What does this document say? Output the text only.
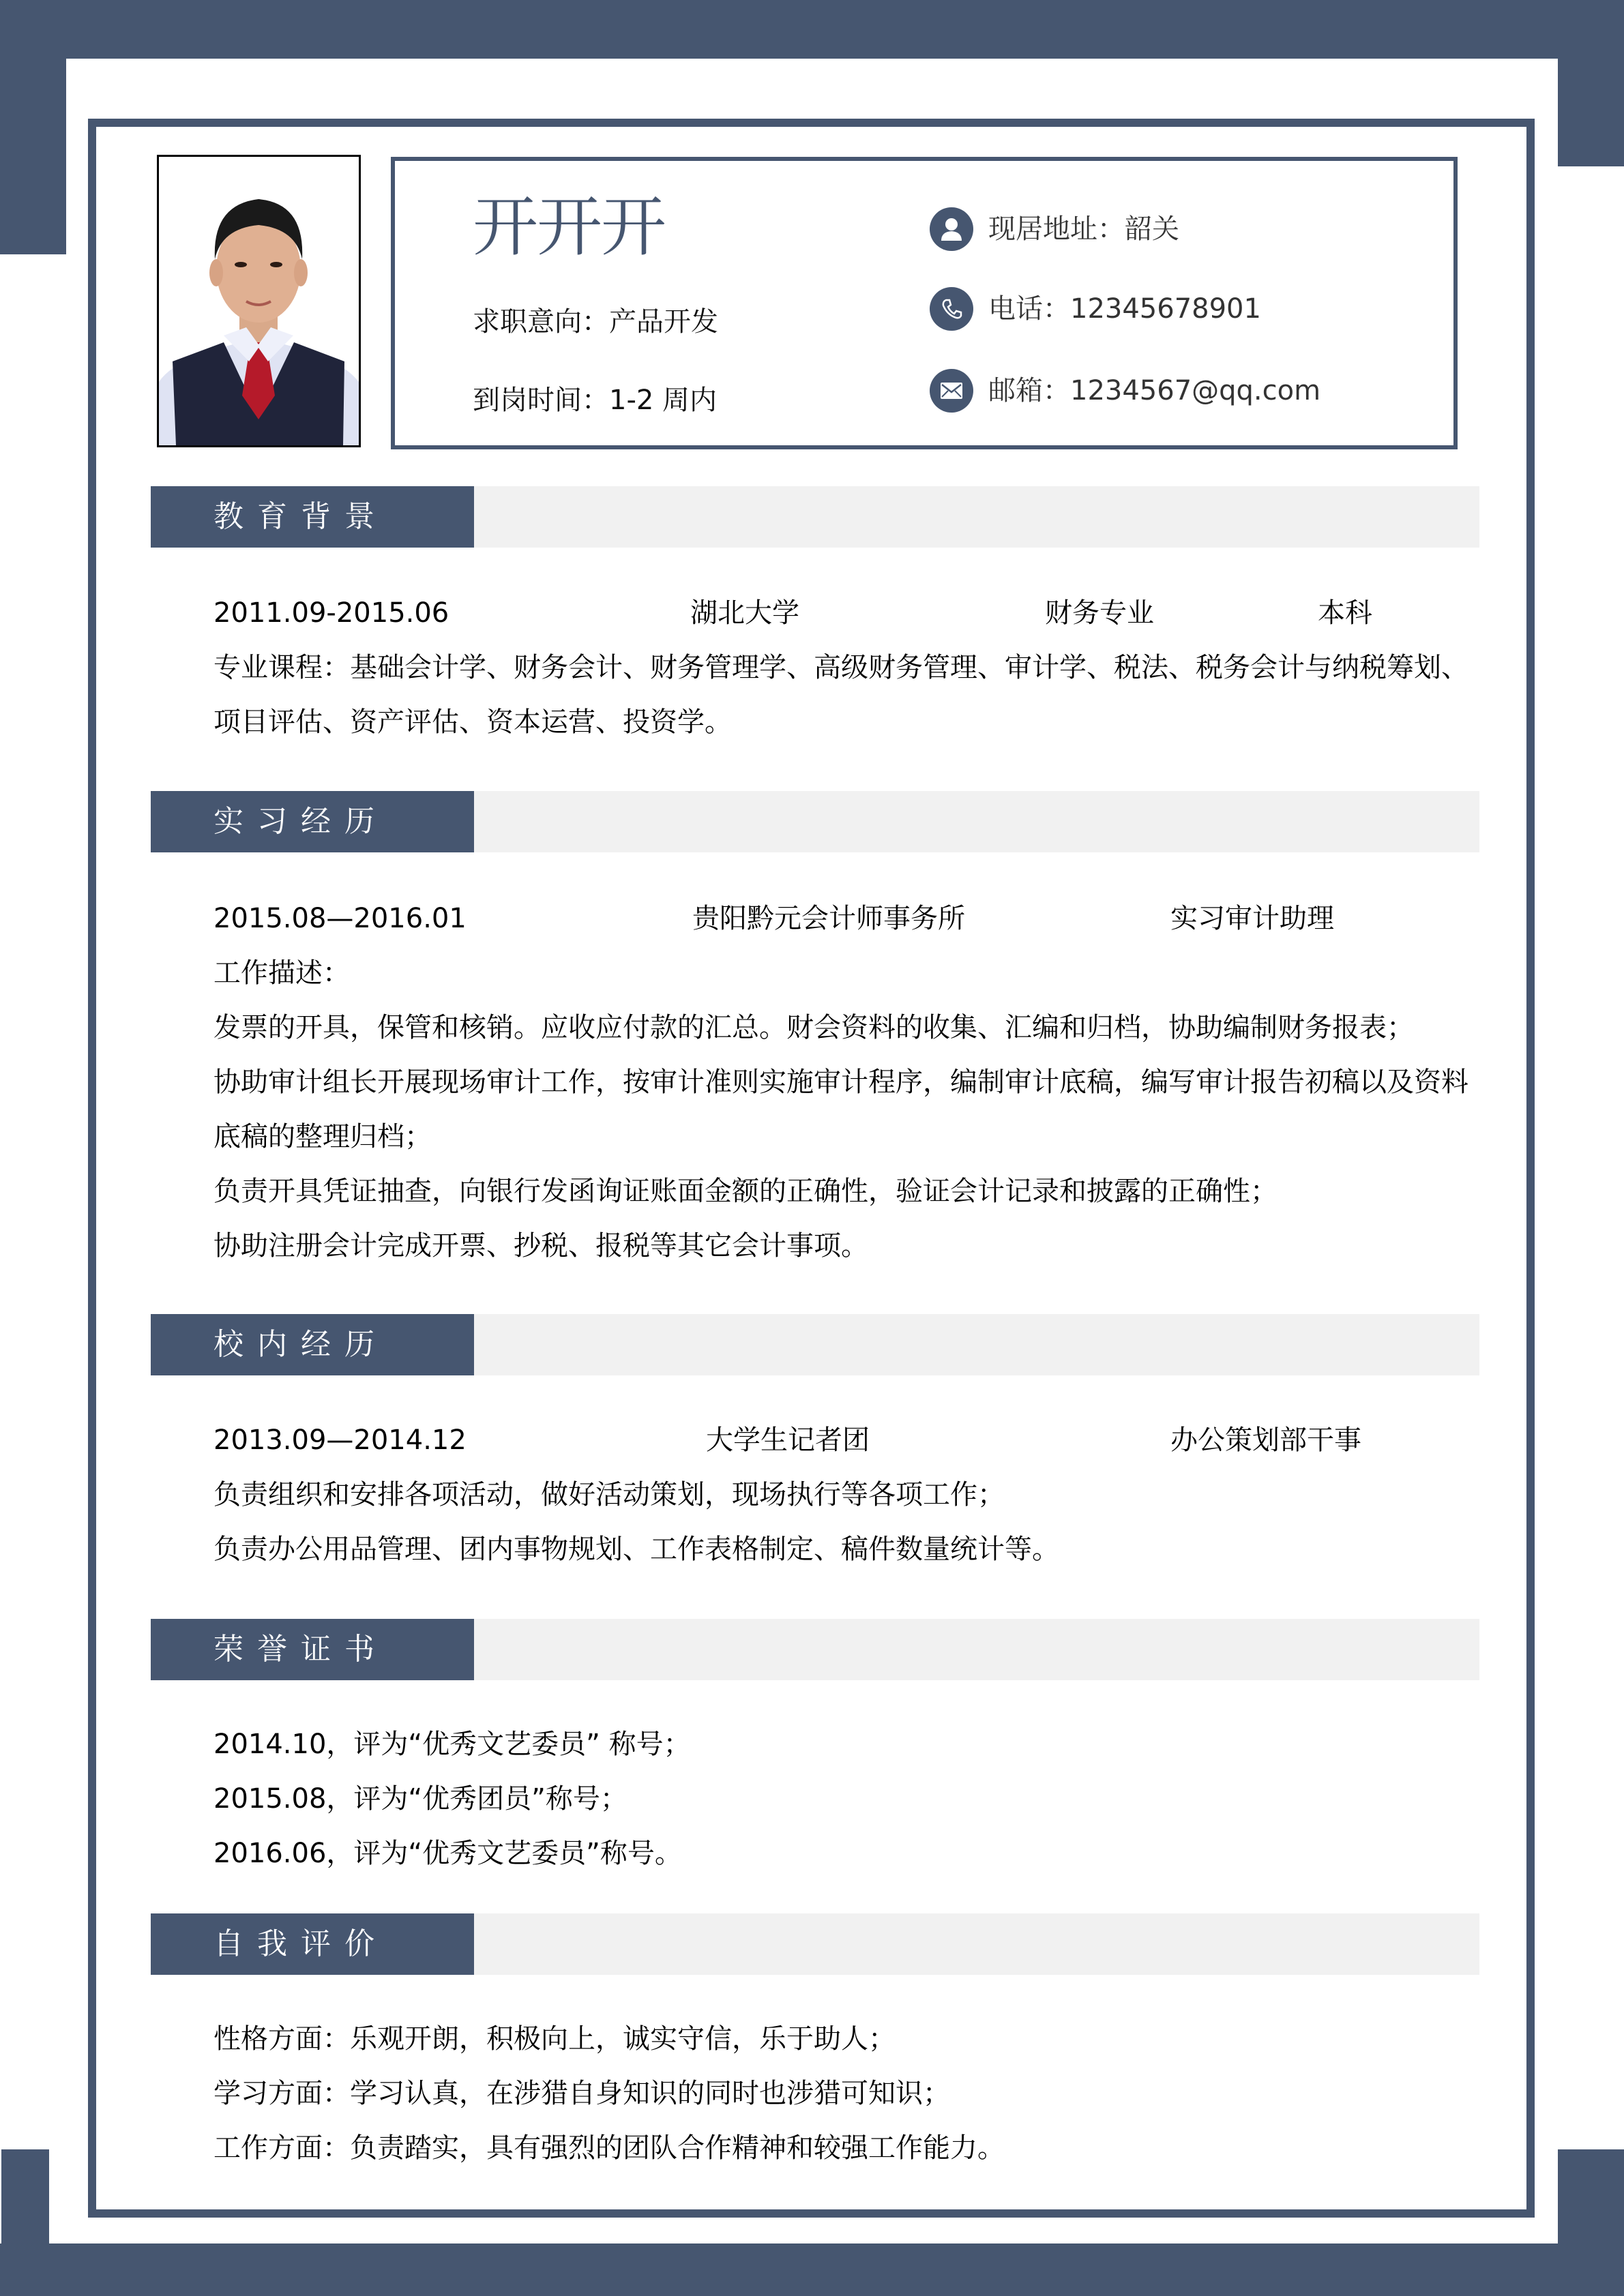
开开开
求职意向：产品开发
到岗时间：1-2 周内
现居地址：韶关
电话：12345678901
邮箱：1234567@qq.com
教育背景
2011.09-2015.06	湖北大学	财务专业	本科
专业课程：基础会计学、财务会计、财务管理学、高级财务管理、审计学、税法、税务会计与纳税筹划、
项目评估、资产评估、资本运营、投资学。
实习经历
2015.08—2016.01	贵阳黔元会计师事务所	实习审计助理
工作描述：
发票的开具，保管和核销。应收应付款的汇总。财会资料的收集、汇编和归档，协助编制财务报表；
协助审计组长开展现场审计工作，按审计准则实施审计程序，编制审计底稿，编写审计报告初稿以及资料
底稿的整理归档；
负责开具凭证抽查，向银行发函询证账面金额的正确性，验证会计记录和披露的正确性；
协助注册会计完成开票、抄税、报税等其它会计事项。
校内经历
2013.09—2014.12	大学生记者团	办公策划部干事
负责组织和安排各项活动，做好活动策划，现场执行等各项工作；
负责办公用品管理、团内事物规划、工作表格制定、稿件数量统计等。
荣誉证书
2014.10，评为“优秀文艺委员” 称号；
2015.08，评为“优秀团员”称号；
2016.06，评为“优秀文艺委员”称号。
自我评价
性格方面：乐观开朗，积极向上，诚实守信，乐于助人；
学习方面：学习认真，在涉猎自身知识的同时也涉猎可知识；
工作方面：负责踏实，具有强烈的团队合作精神和较强工作能力。
